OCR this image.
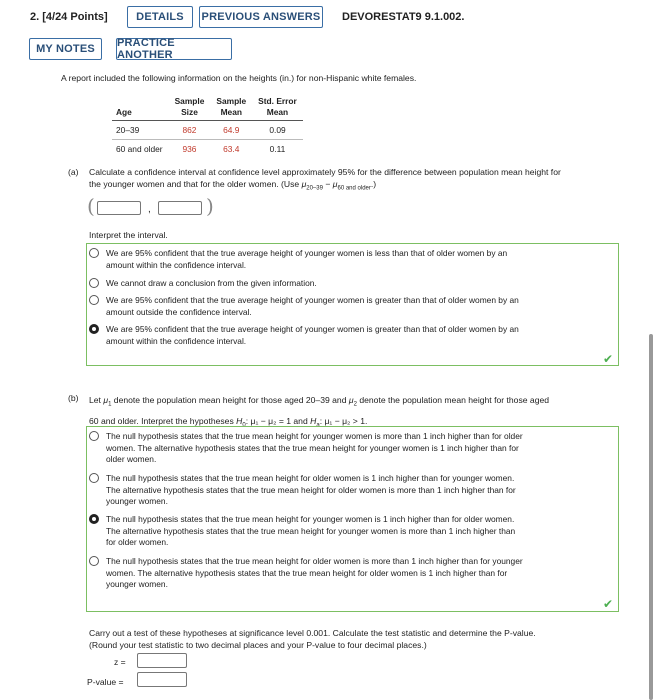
2. [4/24 Points]	DETAILS	PREVIOUS ANSWERS DEVORESTAT9 9.1.002.
MY NOTES	PRACTICE ANOTHER
A report included the following information on the heights (in.) for non-Hispanic white females.
	Sample	Sample	Std. Error
Age	Size	Mean	Mean
20–39	862	64.9	0.09
60 and older	936	63.4	0.11
(a) Calculate a confidence interval at confidence level approximately 95% for the difference between population mean height for
the younger women and that for the older women. (Use $\mu_{20-39} - \mu_{60 and older}$.)
(	,	)
Interpret the interval.
We are 95% confident that the true average height of younger women is less than that of older women by an
amount within the confidence interval.
We cannot draw a conclusion from the given information.
We are 95% confident that the true average height of younger women is greater than that of older women by an
amount outside the confidence interval.
We are 95% confident that the true average height of younger women is greater than that of older women by an
amount within the confidence interval.
✔
(b) Let $\mu_1$ denote the population mean height for those aged 20–39 and $\mu_2$ denote the population mean height for those aged
60 and older. Interpret the hypotheses $H_0$: μ₁ − μ₂ = 1 and $H_a$: μ₁ − μ₂ > 1.
The null hypothesis states that the true mean height for younger women is more than 1 inch higher than for older
women. The alternative hypothesis states that the true mean height for younger women is 1 inch higher than for
older women.
The null hypothesis states that the true mean height for older women is 1 inch higher than for younger women.
The alternative hypothesis states that the true mean height for older women is more than 1 inch higher than for
younger women.
The null hypothesis states that the true mean height for younger women is 1 inch higher than for older women.
The alternative hypothesis states that the true mean height for younger women is more than 1 inch higher than
for older women.
The null hypothesis states that the true mean height for older women is more than 1 inch higher than for younger
women. The alternative hypothesis states that the true mean height for older women is 1 inch higher than for
younger women.
✔
Carry out a test of these hypotheses at significance level 0.001. Calculate the test statistic and determine the P-value.
(Round your test statistic to two decimal places and your P-value to four decimal places.)
z =
P-value =
